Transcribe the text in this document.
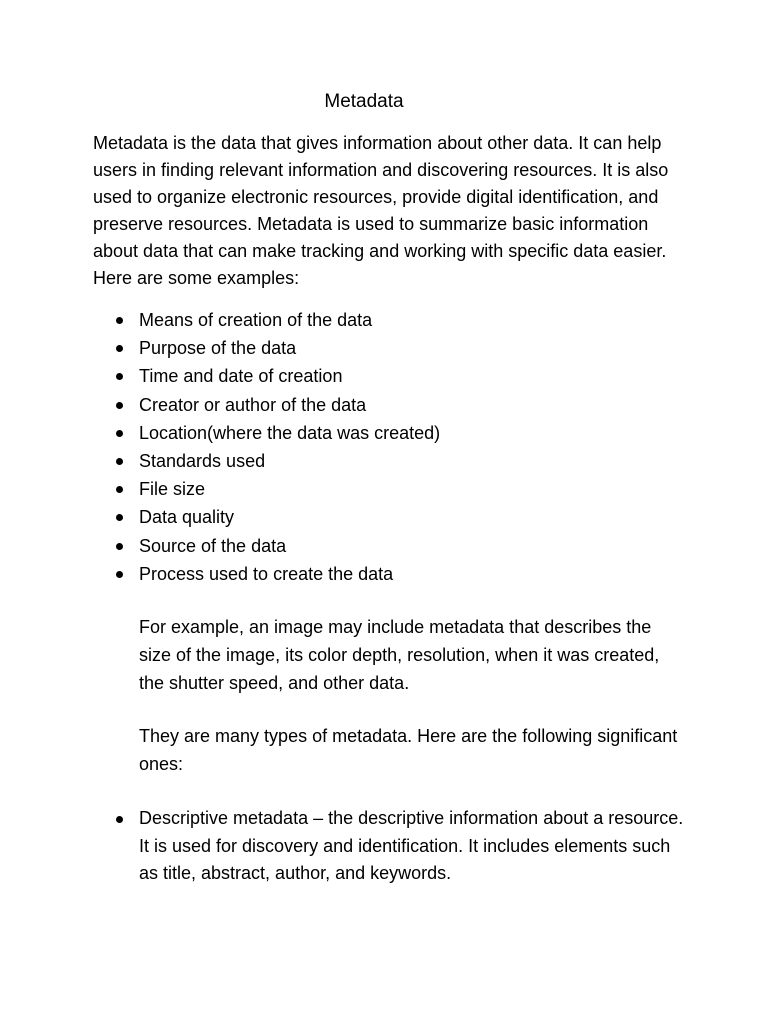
Metadata

Metadata is the data that gives information about other data. It can help users in finding relevant information and discovering resources. It is also used to organize electronic resources, provide digital identification, and preserve resources. Metadata is used to summarize basic information about data that can make tracking and working with specific data easier. Here are some examples:

Means of creation of the data
Purpose of the data
Time and date of creation
Creator or author of the data
Location(where the data was created)
Standards used
File size
Data quality
Source of the data
Process used to create the data

For example, an image may include metadata that describes the size of the image, its color depth, resolution, when it was created, the shutter speed, and other data.

They are many types of metadata. Here are the following significant ones:

Descriptive metadata – the descriptive information about a resource. It is used for discovery and identification. It includes elements such as title, abstract, author, and keywords.
